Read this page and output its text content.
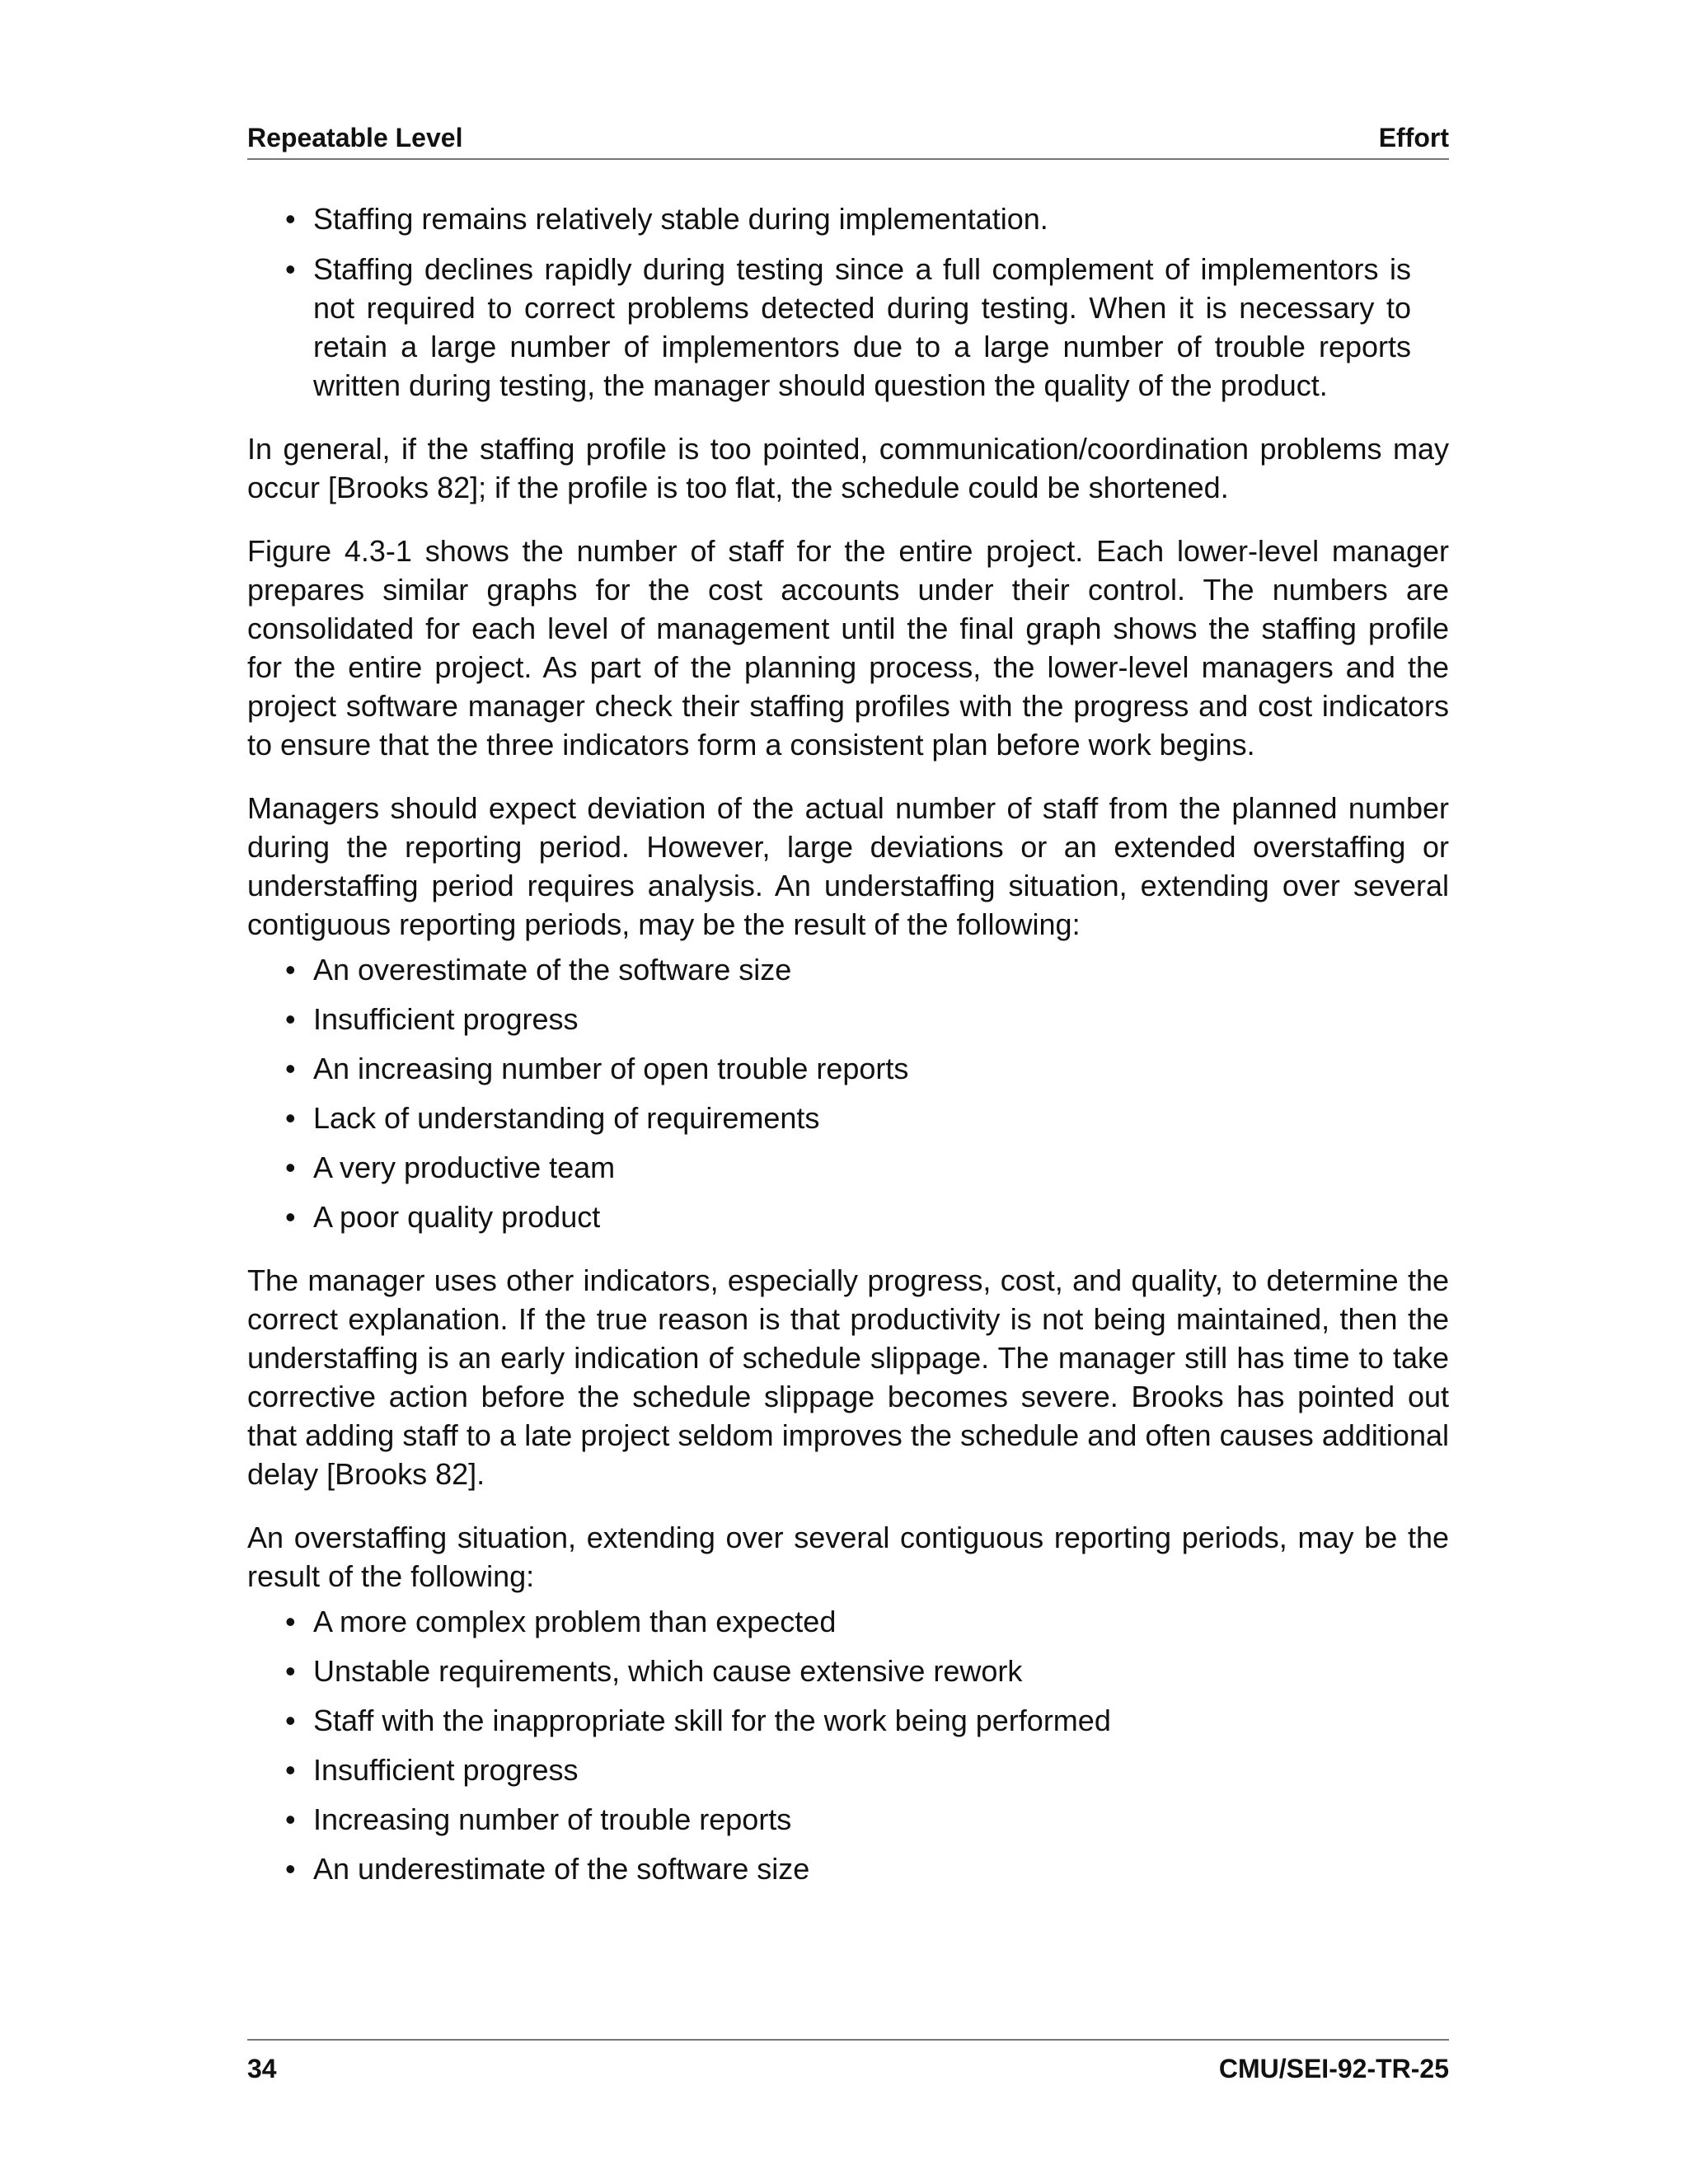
Repeatable Level	Effort
• Staffing remains relatively stable during implementation.
• Staffing declines rapidly during testing since a full complement of implementors is not required to correct problems detected during testing. When it is necessary to retain a large number of implementors due to a large number of trouble reports written during testing, the manager should question the quality of the product.

In general, if the staffing profile is too pointed, communication/coordination problems may occur [Brooks 82]; if the profile is too flat, the schedule could be shortened.

Figure 4.3-1 shows the number of staff for the entire project. Each lower-level manager prepares similar graphs for the cost accounts under their control. The numbers are consolidated for each level of management until the final graph shows the staffing profile for the entire project. As part of the planning process, the lower-level managers and the project software manager check their staffing profiles with the progress and cost indicators to ensure that the three indicators form a consistent plan before work begins.

Managers should expect deviation of the actual number of staff from the planned number during the reporting period. However, large deviations or an extended overstaffing or understaffing period requires analysis. An understaffing situation, extending over several contiguous reporting periods, may be the result of the following:

• An overestimate of the software size
• Insufficient progress
• An increasing number of open trouble reports
• Lack of understanding of requirements
• A very productive team
• A poor quality product

The manager uses other indicators, especially progress, cost, and quality, to determine the correct explanation. If the true reason is that productivity is not being maintained, then the understaffing is an early indication of schedule slippage. The manager still has time to take corrective action before the schedule slippage becomes severe. Brooks has pointed out that adding staff to a late project seldom improves the schedule and often causes additional delay [Brooks 82].

An overstaffing situation, extending over several contiguous reporting periods, may be the result of the following:

• A more complex problem than expected
• Unstable requirements, which cause extensive rework
• Staff with the inappropriate skill for the work being performed
• Insufficient progress
• Increasing number of trouble reports
• An underestimate of the software size
34	CMU/SEI-92-TR-25
